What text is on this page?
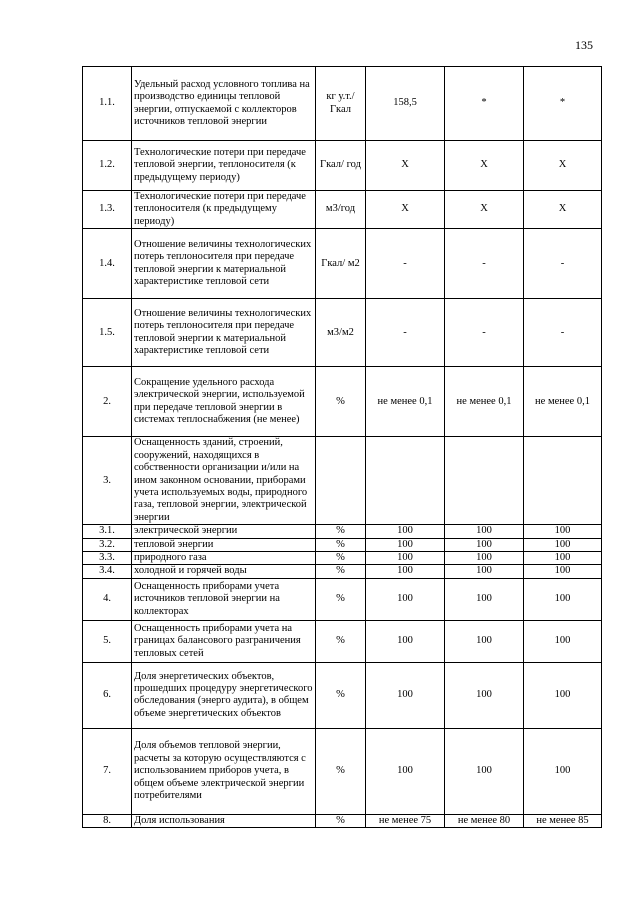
135
1.1.	Удельный расход условного топлива на производство единицы тепловой энергии, отпускаемой с коллекторов источников тепловой энергии	кг у.т./ Гкал	158,5	*	*
1.2.	Технологические потери при передаче тепловой энергии, теплоносителя (к предыдущему периоду)	Гкал/ год	Х	Х	Х
1.3.	Технологические потери при передаче теплоносителя (к предыдущему периоду)	м3/год	Х	Х	Х
1.4.	Отношение величины технологических потерь теплоносителя при передаче тепловой энергии к материальной характеристике тепловой сети	Гкал/ м2	-	-	-
1.5.	Отношение величины технологических потерь теплоносителя при передаче тепловой энергии к материальной характеристике тепловой сети	м3/м2	-	-	-
2.	Сокращение удельного расхода электрической энергии, используемой при передаче тепловой энергии в системах теплоснабжения (не менее)	%	не менее 0,1	не менее 0,1	не менее 0,1
3.	Оснащенность зданий, строений, сооружений, находящихся в собственности организации и/или на ином законном основании, приборами учета используемых воды, природного газа, тепловой энергии, электрической энергии				
3.1.	электрической энергии	%	100	100	100
3.2.	тепловой энергии	%	100	100	100
3.3.	природного газа	%	100	100	100
3.4.	холодной и горячей воды	%	100	100	100
4.	Оснащенность приборами учета источников тепловой энергии на коллекторах	%	100	100	100
5.	Оснащенность приборами учета на границах балансового разграничения тепловых сетей	%	100	100	100
6.	Доля энергетических объектов, прошедших процедуру энергетического обследования (энерго аудита), в общем объеме энергетических объектов	%	100	100	100
7.	Доля объемов тепловой энергии, расчеты за которую осуществляются с использованием приборов учета, в общем объеме электрической энергии потребителями	%	100	100	100
8.	Доля использования	%	не менее 75	не менее 80	не менее 85
